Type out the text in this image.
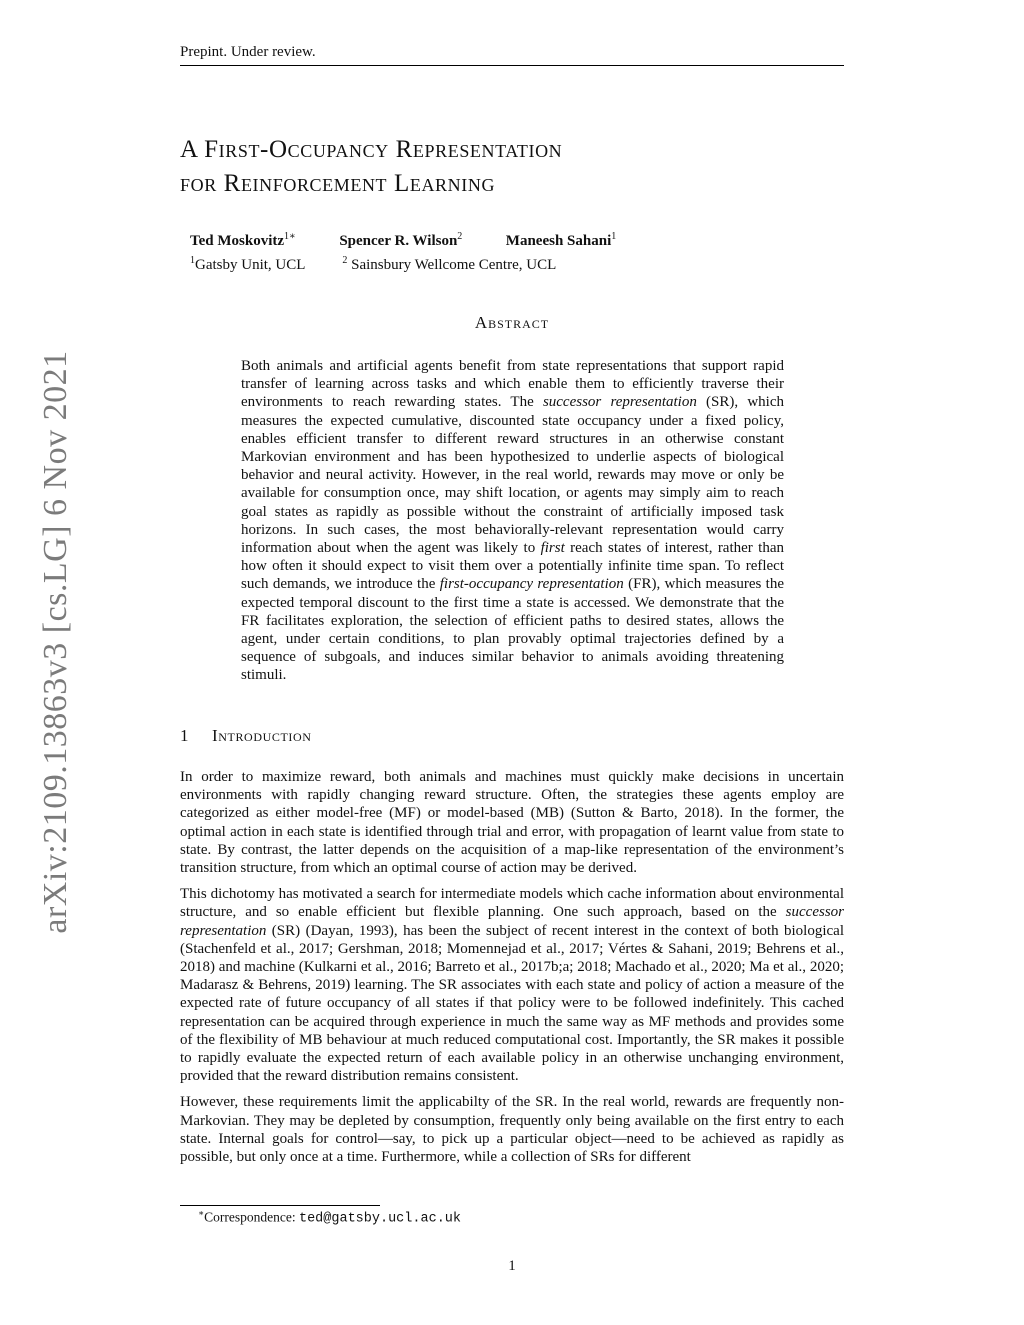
Prepint. Under review.
arXiv:2109.13863v3 [cs.LG] 6 Nov 2021
A First-Occupancy Representation
for Reinforcement Learning
Ted Moskovitz$^{1∗}$	Spencer R. Wilson$^2$	Maneesh Sahani$^1$
$^1$Gatsby Unit, UCL	$^2$ Sainsbury Wellcome Centre, UCL
Abstract
Both animals and artificial agents benefit from state representations that support rapid transfer of learning across tasks and which enable them to efficiently traverse their environments to reach rewarding states. The successor representation (SR), which measures the expected cumulative, discounted state occupancy under a fixed policy, enables efficient transfer to different reward structures in an otherwise constant Markovian environment and has been hypothesized to underlie aspects of biological behavior and neural activity. However, in the real world, rewards may move or only be available for consumption once, may shift location, or agents may simply aim to reach goal states as rapidly as possible without the constraint of artificially imposed task horizons. In such cases, the most behaviorally-relevant representation would carry information about when the agent was likely to first reach states of interest, rather than how often it should expect to visit them over a potentially infinite time span. To reflect such demands, we introduce the first-occupancy representation (FR), which measures the expected temporal discount to the first time a state is accessed. We demonstrate that the FR facilitates exploration, the selection of efficient paths to desired states, allows the agent, under certain conditions, to plan provably optimal trajectories defined by a sequence of subgoals, and induces similar behavior to animals avoiding threatening stimuli.
1 Introduction

In order to maximize reward, both animals and machines must quickly make decisions in uncertain environments with rapidly changing reward structure. Often, the strategies these agents employ are categorized as either model-free (MF) or model-based (MB) (Sutton & Barto, 2018). In the former, the optimal action in each state is identified through trial and error, with propagation of learnt value from state to state. By contrast, the latter depends on the acquisition of a map-like representation of the environment’s transition structure, from which an optimal course of action may be derived.

This dichotomy has motivated a search for intermediate models which cache information about environmental structure, and so enable efficient but flexible planning. One such approach, based on the successor representation (SR) (Dayan, 1993), has been the subject of recent interest in the context of both biological (Stachenfeld et al., 2017; Gershman, 2018; Momennejad et al., 2017; Vértes & Sahani, 2019; Behrens et al., 2018) and machine (Kulkarni et al., 2016; Barreto et al., 2017b;a; 2018; Machado et al., 2020; Ma et al., 2020; Madarasz & Behrens, 2019) learning. The SR associates with each state and policy of action a measure of the expected rate of future occupancy of all states if that policy were to be followed indefinitely. This cached representation can be acquired through experience in much the same way as MF methods and provides some of the flexibility of MB behaviour at much reduced computational cost. Importantly, the SR makes it possible to rapidly evaluate the expected return of each available policy in an otherwise unchanging environment, provided that the reward distribution remains consistent.

However, these requirements limit the applicabilty of the SR. In the real world, rewards are frequently non-Markovian. They may be depleted by consumption, frequently only being available on the first entry to each state. Internal goals for control—say, to pick up a particular object—need to be achieved as rapidly as possible, but only once at a time. Furthermore, while a collection of SRs for different

∗Correspondence: ted@gatsby.ucl.ac.uk
1
